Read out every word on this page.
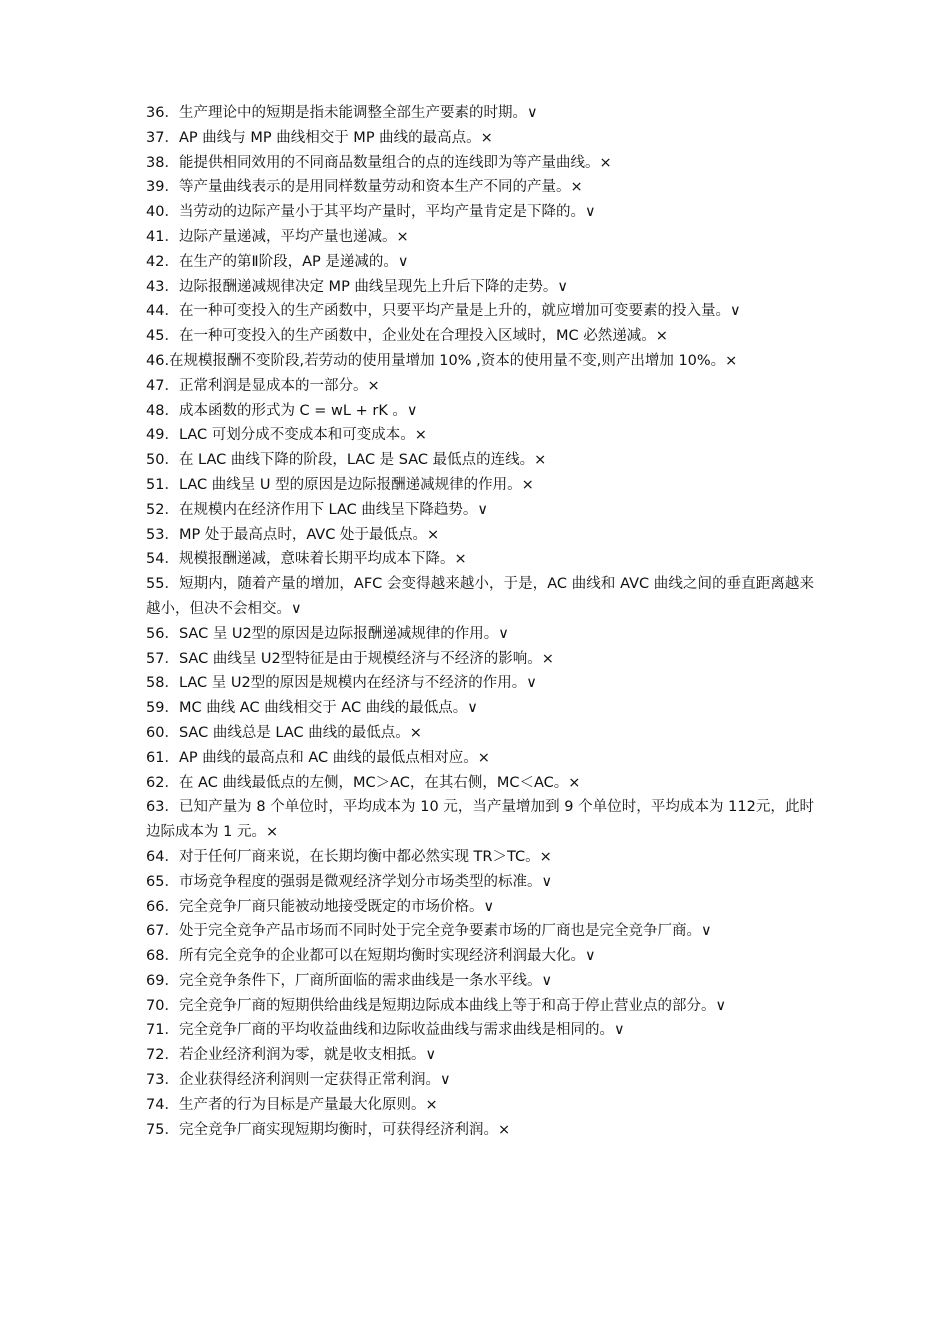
36．生产理论中的短期是指未能调整全部生产要素的时期。∨

37．AP 曲线与 MP 曲线相交于 MP 曲线的最高点。×

38．能提供相同效用的不同商品数量组合的点的连线即为等产量曲线。×

39．等产量曲线表示的是用同样数量劳动和资本生产不同的产量。×

40．当劳动的边际产量小于其平均产量时，平均产量肯定是下降的。∨

41．边际产量递减，平均产量也递减。×

42．在生产的第Ⅱ阶段，AP 是递减的。∨

43．边际报酬递减规律决定 MP 曲线呈现先上升后下降的走势。∨

44．在一种可变投入的生产函数中，只要平均产量是上升的，就应增加可变要素的投入量。∨

45．在一种可变投入的生产函数中，企业处在合理投入区域时，MC 必然递减。×

46.在规模报酬不变阶段,若劳动的使用量增加 10% ,资本的使用量不变,则产出增加 10%。×

47．正常利润是显成本的一部分。×

48．成本函数的形式为 C = wL + rK 。∨

49．LAC 可划分成不变成本和可变成本。×

50．在 LAC 曲线下降的阶段，LAC 是 SAC 最低点的连线。×

51．LAC 曲线呈 U 型的原因是边际报酬递减规律的作用。×

52．在规模内在经济作用下 LAC 曲线呈下降趋势。∨

53．MP 处于最高点时，AVC 处于最低点。×

54．规模报酬递减，意味着长期平均成本下降。×

55．短期内，随着产量的增加，AFC 会变得越来越小，于是，AC 曲线和 AVC 曲线之间的垂直距离越来越小，但决不会相交。∨

56．SAC 呈 U2型的原因是边际报酬递减规律的作用。∨

57．SAC 曲线呈 U2型特征是由于规模经济与不经济的影响。×

58．LAC 呈 U2型的原因是规模内在经济与不经济的作用。∨

59．MC 曲线 AC 曲线相交于 AC 曲线的最低点。∨

60．SAC 曲线总是 LAC 曲线的最低点。×

61．AP 曲线的最高点和 AC 曲线的最低点相对应。×

62．在 AC 曲线最低点的左侧，MC＞AC，在其右侧，MC＜AC。×

63．已知产量为 8 个单位时，平均成本为 10 元，当产量增加到 9 个单位时，平均成本为 112元，此时边际成本为 1 元。×

64．对于任何厂商来说，在长期均衡中都必然实现 TR＞TC。×

65．市场竞争程度的强弱是微观经济学划分市场类型的标准。∨

66．完全竞争厂商只能被动地接受既定的市场价格。∨

67．处于完全竞争产品市场而不同时处于完全竞争要素市场的厂商也是完全竞争厂商。∨

68．所有完全竞争的企业都可以在短期均衡时实现经济利润最大化。∨

69．完全竞争条件下，厂商所面临的需求曲线是一条水平线。∨

70．完全竞争厂商的短期供给曲线是短期边际成本曲线上等于和高于停止营业点的部分。∨

71．完全竞争厂商的平均收益曲线和边际收益曲线与需求曲线是相同的。∨

72．若企业经济利润为零，就是收支相抵。∨

73．企业获得经济利润则一定获得正常利润。∨

74．生产者的行为目标是产量最大化原则。×

75．完全竞争厂商实现短期均衡时，可获得经济利润。×
